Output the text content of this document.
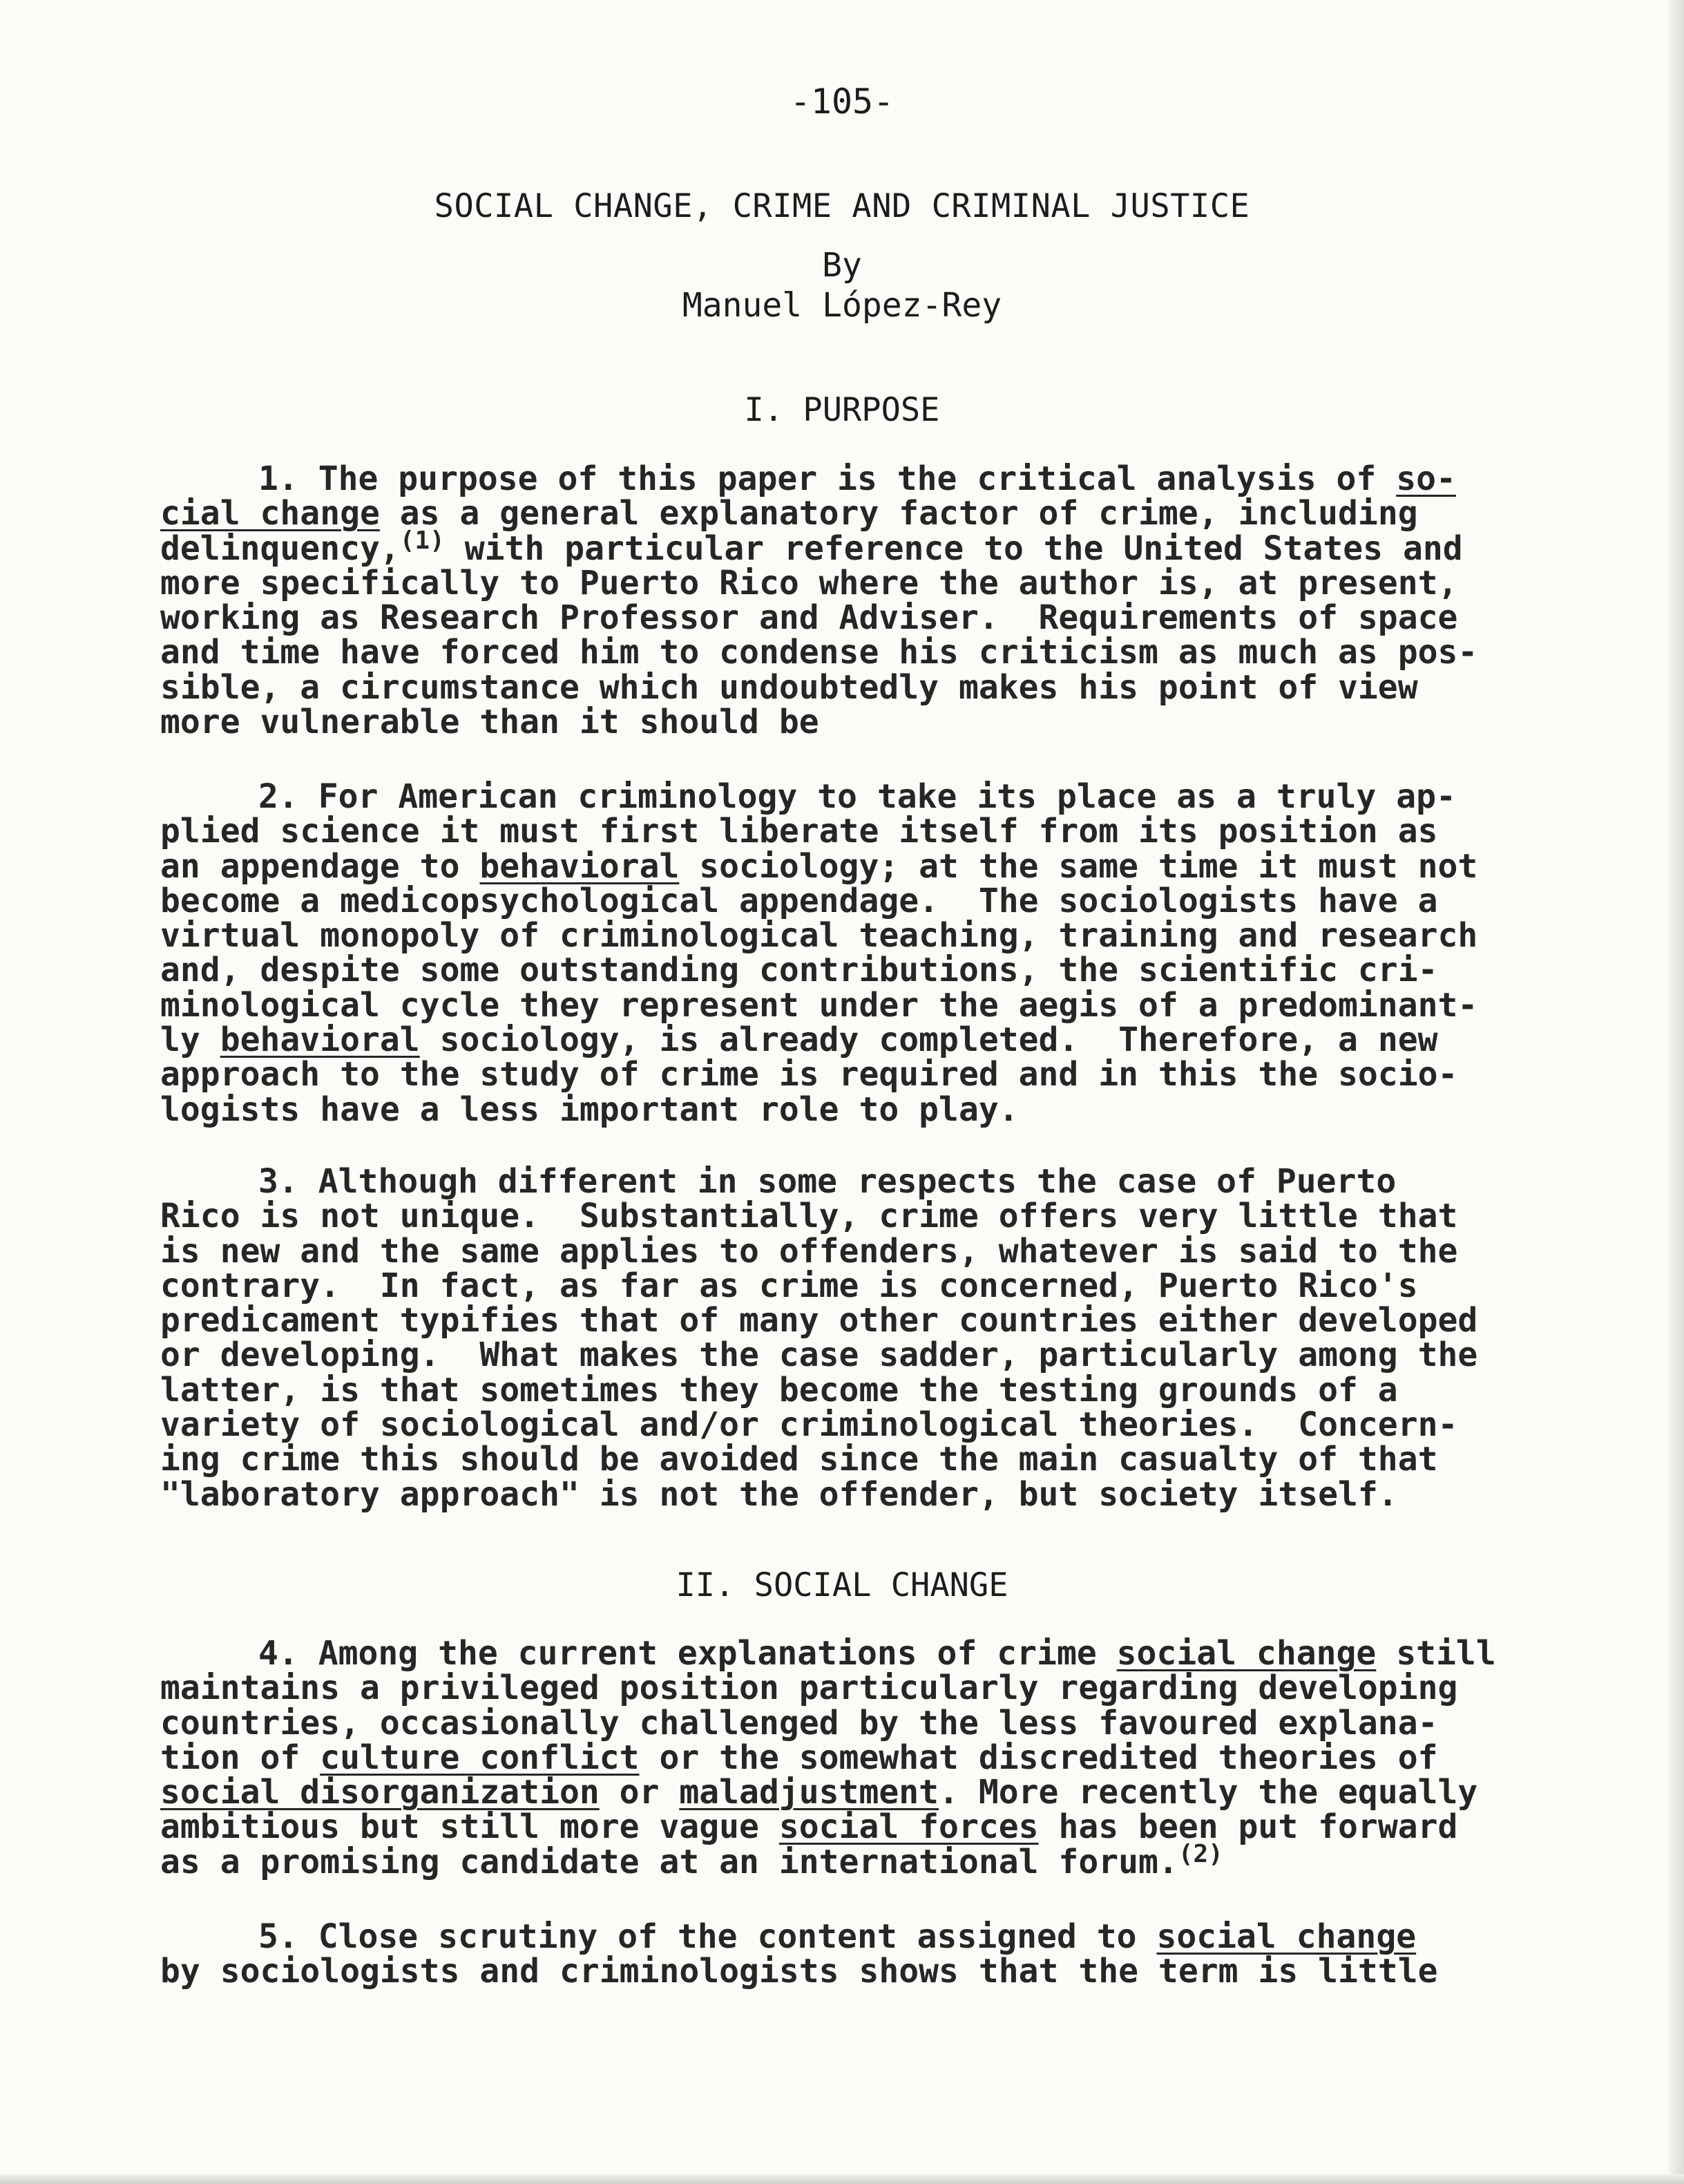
-105-
SOCIAL CHANGE, CRIME AND CRIMINAL JUSTICE
By
Manuel López-Rey
I. PURPOSE

1. The purpose of this paper is the critical analysis of so-
cial change as a general explanatory factor of crime, including
delinquency,$^{(1)}$ with particular reference to the United States and
more specifically to Puerto Rico where the author is, at present,
working as Research Professor and Adviser.  Requirements of space
and time have forced him to condense his criticism as much as pos-
sible, a circumstance which undoubtedly makes his point of view
more vulnerable than it should be

2. For American criminology to take its place as a truly ap-
plied science it must first liberate itself from its position as
an appendage to behavioral sociology; at the same time it must not
become a medicopsychological appendage.  The sociologists have a
virtual monopoly of criminological teaching, training and research
and, despite some outstanding contributions, the scientific cri-
minological cycle they represent under the aegis of a predominant-
ly behavioral sociology, is already completed.  Therefore, a new
approach to the study of crime is required and in this the socio-
logists have a less important role to play.

3. Although different in some respects the case of Puerto
Rico is not unique.  Substantially, crime offers very little that
is new and the same applies to offenders, whatever is said to the
contrary.  In fact, as far as crime is concerned, Puerto Rico's
predicament typifies that of many other countries either developed
or developing.  What makes the case sadder, particularly among the
latter, is that sometimes they become the testing grounds of a
variety of sociological and/or criminological theories.  Concern-
ing crime this should be avoided since the main casualty of that
"laboratory approach" is not the offender, but society itself.

II. SOCIAL CHANGE

4. Among the current explanations of crime social change still
maintains a privileged position particularly regarding developing
countries, occasionally challenged by the less favoured explana-
tion of culture conflict or the somewhat discredited theories of
social disorganization or maladjustment. More recently the equally
ambitious but still more vague social forces has been put forward
as a promising candidate at an international forum.$^{(2)}$

5. Close scrutiny of the content assigned to social change
by sociologists and criminologists shows that the term is little
